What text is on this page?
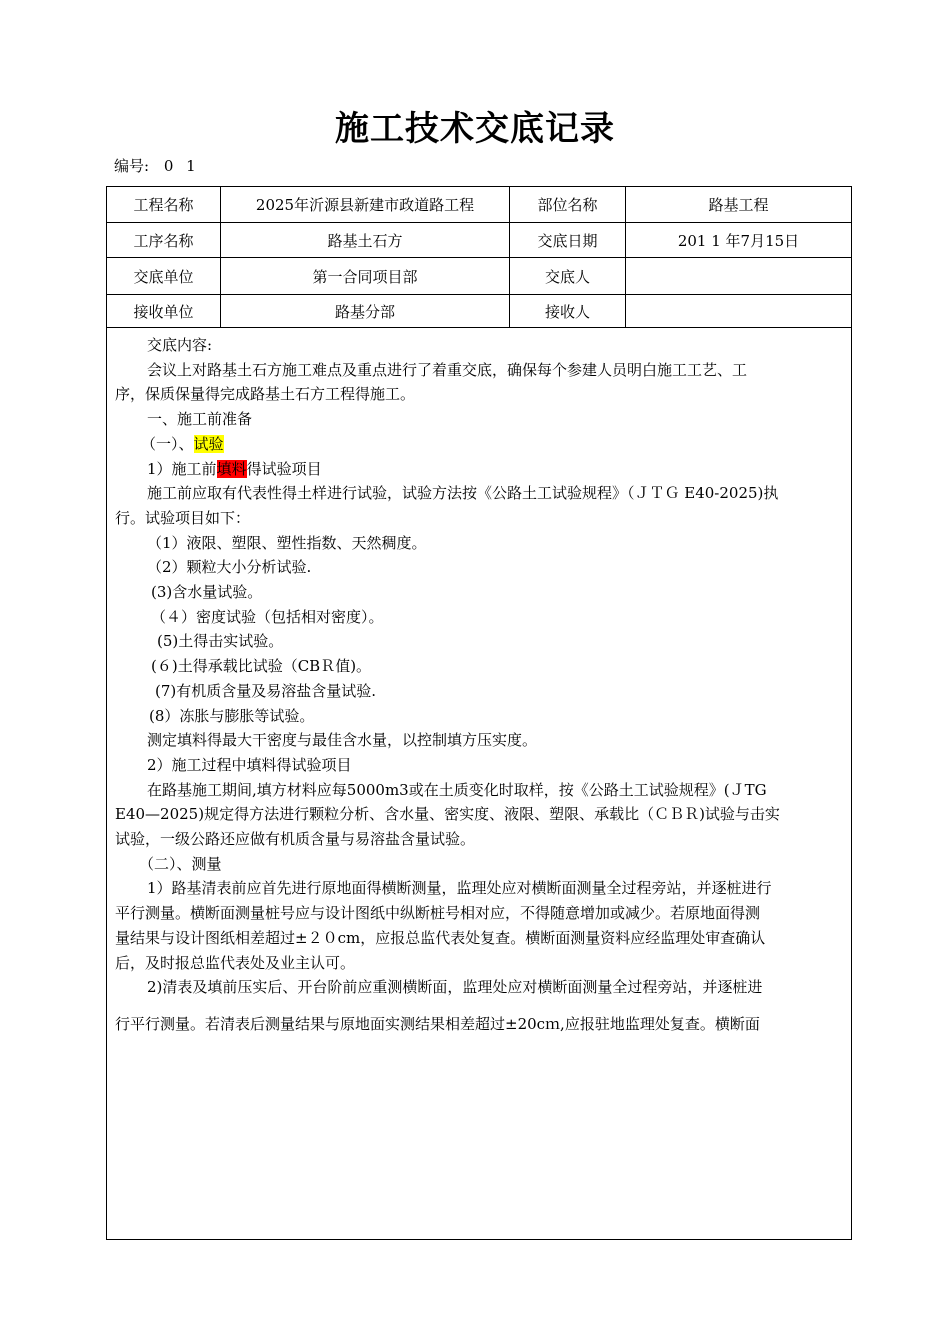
施工技术交底记录
编号: 0 1
工程名称	2025年沂源县新建市政道路工程	部位名称	路基工程
工序名称	路基土石方	交底日期	201 1 年7月15日
交底单位	第一合同项目部	交底人
接收单位	路基分部	接收人

交底内容:

会议上对路基土石方施工难点及重点进行了着重交底，确保每个参建人员明白施工工艺、工

序，保质保量得完成路基土石方工程得施工。

一、施工前准备

（一）、试验

1）施工前填料得试验项目

施工前应取有代表性得土样进行试验，试验方法按《公路土工试验规程》（ＪＴＧ E40-2025)执

行。试验项目如下：

（1）液限、塑限、塑性指数、天然稠度。

（2）颗粒大小分析试验.

(3)含水量试验。

（４）密度试验（包括相对密度）。

(5)土得击实试验。

(６)土得承载比试验（CBＲ值)。

(7)有机质含量及易溶盐含量试验.

(8）冻胀与膨胀等试验。

测定填料得最大干密度与最佳含水量，以控制填方压实度。

2）施工过程中填料得试验项目

在路基施工期间,填方材料应每5000m3或在土质变化时取样，按《公路土工试验规程》(ＪTG

E40—2025)规定得方法进行颗粒分析、含水量、密实度、液限、塑限、承载比（ＣＢＲ)试验与击实

试验，一级公路还应做有机质含量与易溶盐含量试验。

（二）、测量

1）路基清表前应首先进行原地面得横断测量，监理处应对横断面测量全过程旁站，并逐桩进行

平行测量。横断面测量桩号应与设计图纸中纵断桩号相对应，不得随意增加或减少。若原地面得测

量结果与设计图纸相差超过±２０cm，应报总监代表处复查。横断面测量资料应经监理处审查确认

后，及时报总监代表处及业主认可。

2)清表及填前压实后、开台阶前应重测横断面，监理处应对横断面测量全过程旁站，并逐桩进

行平行测量。若清表后测量结果与原地面实测结果相差超过±20cｍ,应报驻地监理处复查。横断面
